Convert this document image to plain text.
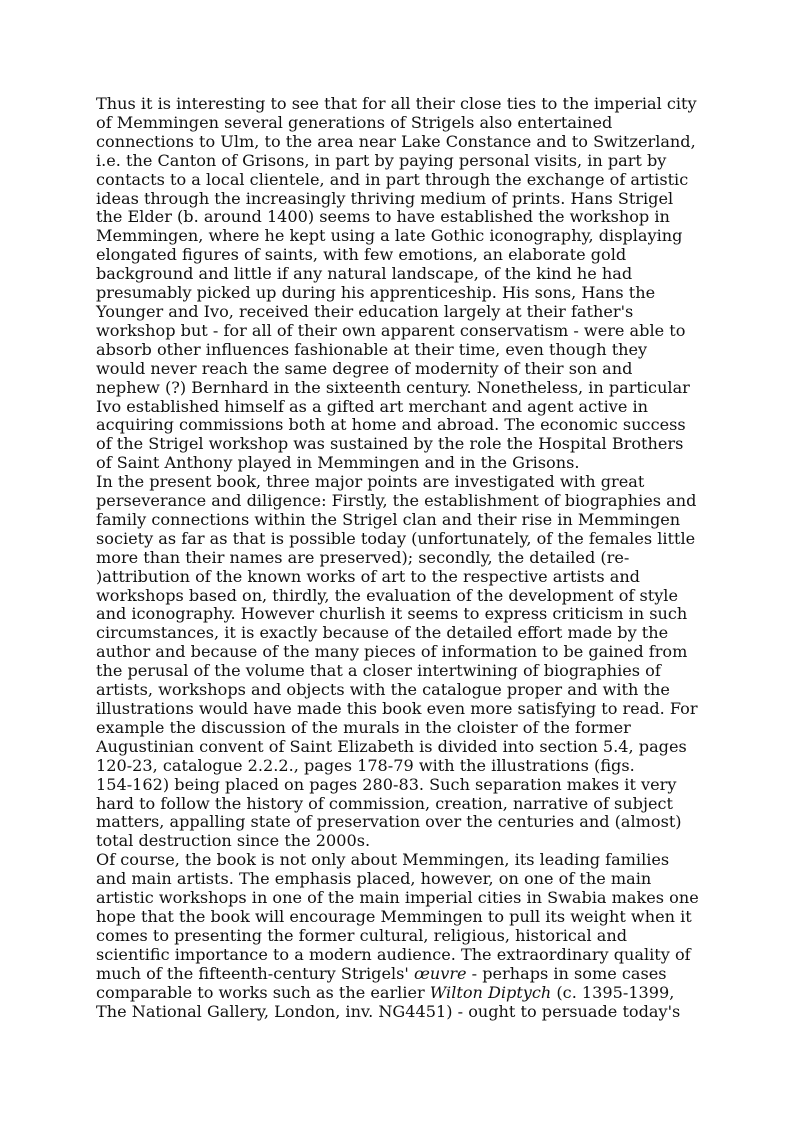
Thus it is interesting to see that for all their close ties to the imperial city
of Memmingen several generations of Strigels also entertained
connections to Ulm, to the area near Lake Constance and to Switzerland,
i.e. the Canton of Grisons, in part by paying personal visits, in part by
contacts to a local clientele, and in part through the exchange of artistic
ideas through the increasingly thriving medium of prints. Hans Strigel
the Elder (b. around 1400) seems to have established the workshop in
Memmingen, where he kept using a late Gothic iconography, displaying
elongated figures of saints, with few emotions, an elaborate gold
background and little if any natural landscape, of the kind he had
presumably picked up during his apprenticeship. His sons, Hans the
Younger and Ivo, received their education largely at their father's
workshop but - for all of their own apparent conservatism - were able to
absorb other influences fashionable at their time, even though they
would never reach the same degree of modernity of their son and
nephew (?) Bernhard in the sixteenth century. Nonetheless, in particular
Ivo established himself as a gifted art merchant and agent active in
acquiring commissions both at home and abroad. The economic success
of the Strigel workshop was sustained by the role the Hospital Brothers
of Saint Anthony played in Memmingen and in the Grisons.
In the present book, three major points are investigated with great
perseverance and diligence: Firstly, the establishment of biographies and
family connections within the Strigel clan and their rise in Memmingen
society as far as that is possible today (unfortunately, of the females little
more than their names are preserved); secondly, the detailed (re-
)attribution of the known works of art to the respective artists and
workshops based on, thirdly, the evaluation of the development of style
and iconography. However churlish it seems to express criticism in such
circumstances, it is exactly because of the detailed effort made by the
author and because of the many pieces of information to be gained from
the perusal of the volume that a closer intertwining of biographies of
artists, workshops and objects with the catalogue proper and with the
illustrations would have made this book even more satisfying to read. For
example the discussion of the murals in the cloister of the former
Augustinian convent of Saint Elizabeth is divided into section 5.4, pages
120-23, catalogue 2.2.2., pages 178-79 with the illustrations (figs.
154-162) being placed on pages 280-83. Such separation makes it very
hard to follow the history of commission, creation, narrative of subject
matters, appalling state of preservation over the centuries and (almost)
total destruction since the 2000s.
Of course, the book is not only about Memmingen, its leading families
and main artists. The emphasis placed, however, on one of the main
artistic workshops in one of the main imperial cities in Swabia makes one
hope that the book will encourage Memmingen to pull its weight when it
comes to presenting the former cultural, religious, historical and
scientific importance to a modern audience. The extraordinary quality of
much of the fifteenth-century Strigels' œuvre - perhaps in some cases
comparable to works such as the earlier Wilton Diptych (c. 1395-1399,
The National Gallery, London, inv. NG4451) - ought to persuade today's
